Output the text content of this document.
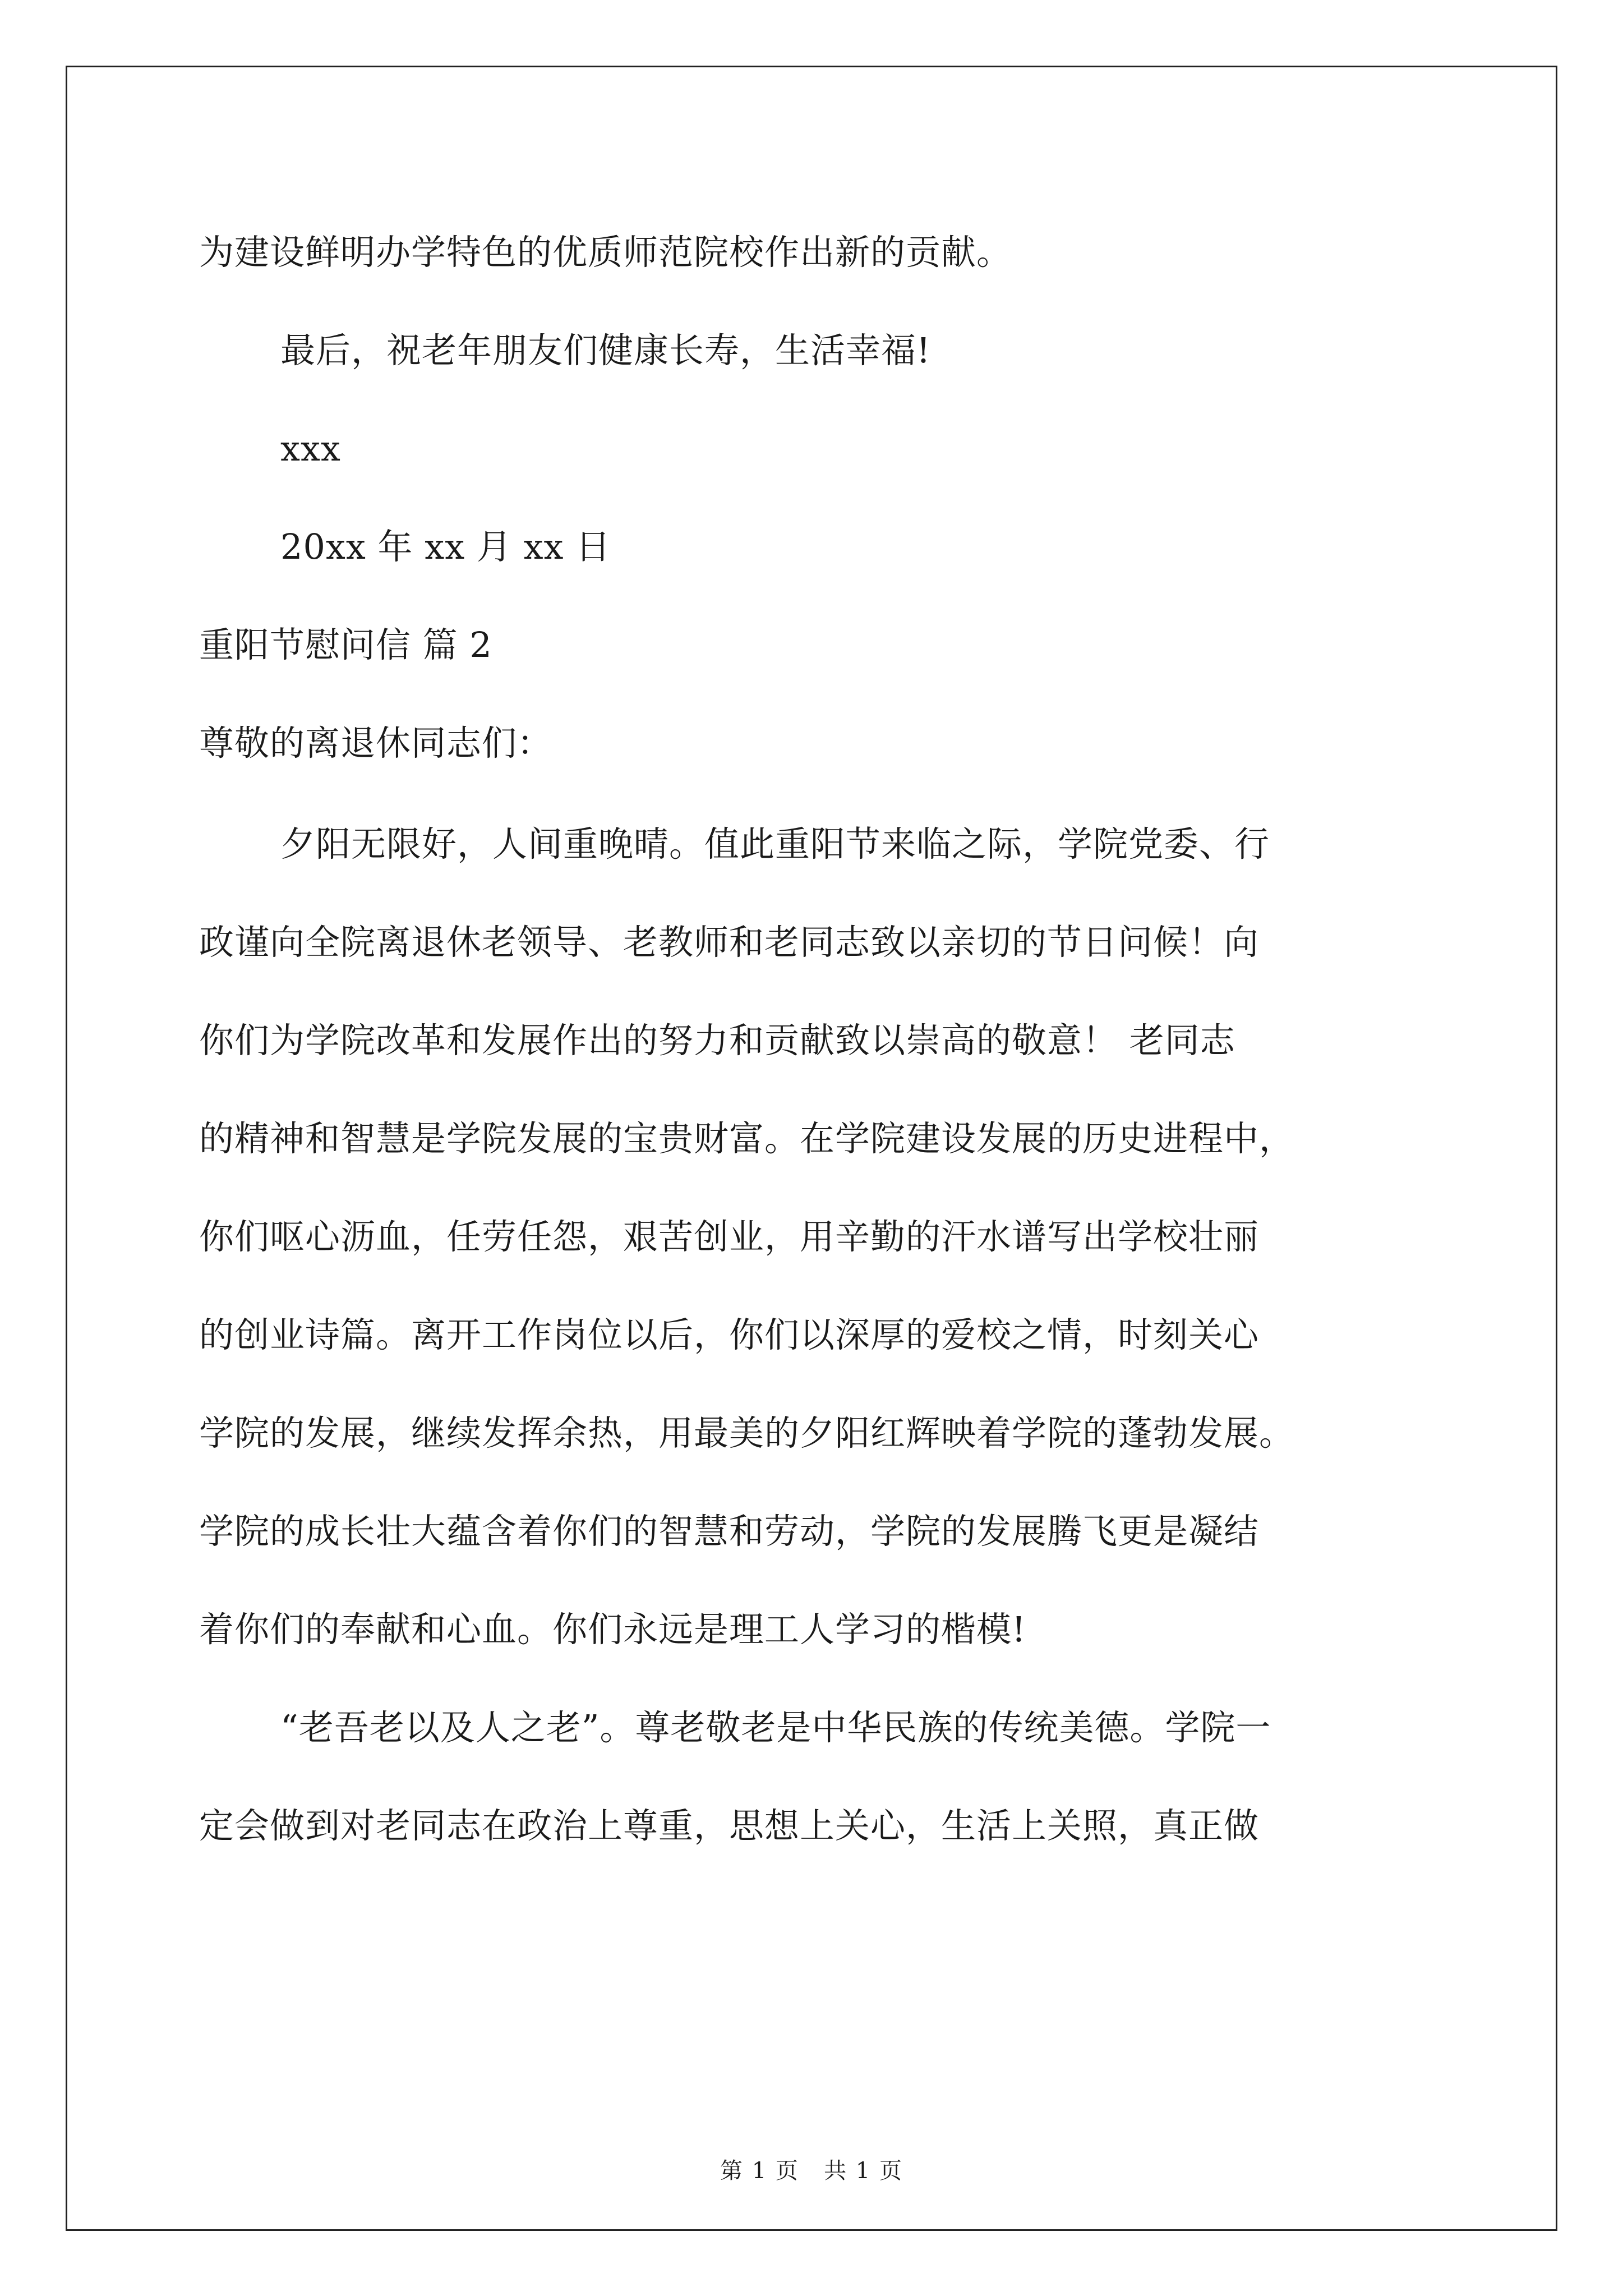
为建设鲜明办学特色的优质师范院校作出新的贡献。
最后，祝老年朋友们健康长寿，生活幸福!
xxx
20xx 年 xx 月 xx 日
重阳节慰问信 篇 2
尊敬的离退休同志们：
夕阳无限好，人间重晚晴。值此重阳节来临之际，学院党委、行
政谨向全院离退休老领导、老教师和老同志致以亲切的节日问候！向
你们为学院改革和发展作出的努力和贡献致以崇高的敬意！ 老同志
的精神和智慧是学院发展的宝贵财富。在学院建设发展的历史进程中，
你们呕心沥血，任劳任怨，艰苦创业，用辛勤的汗水谱写出学校壮丽
的创业诗篇。离开工作岗位以后，你们以深厚的爱校之情，时刻关心
学院的发展，继续发挥余热，用最美的夕阳红辉映着学院的蓬勃发展。
学院的成长壮大蕴含着你们的智慧和劳动，学院的发展腾飞更是凝结
着你们的奉献和心血。你们永远是理工人学习的楷模!
“老吾老以及人之老”。尊老敬老是中华民族的传统美德。学院一
定会做到对老同志在政治上尊重，思想上关心，生活上关照，真正做
第 1 页   共 1 页
